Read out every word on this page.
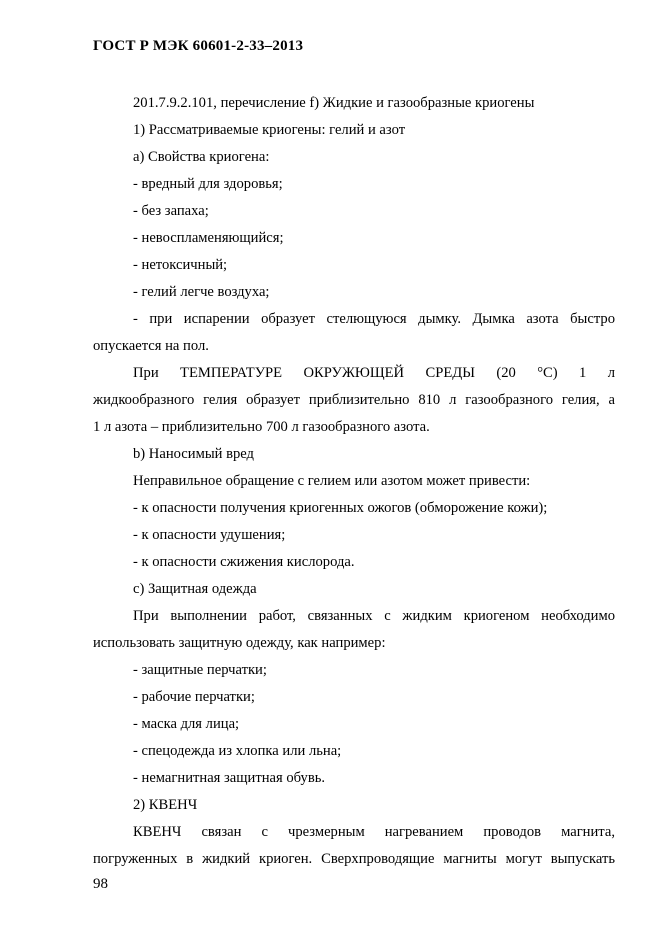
ГОСТ Р МЭК 60601-2-33–2013
201.7.9.2.101, перечисление f) Жидкие и газообразные криогены
1) Рассматриваемые криогены: гелий и азот
а) Свойства криогена:
- вредный для здоровья;
- без запаха;
- невоспламеняющийся;
- нетоксичный;
- гелий легче воздуха;
- при испарении образует стелющуюся дымку. Дымка азота быстро
опускается на пол.
При ТЕМПЕРАТУРЕ ОКРУЖЮЩЕЙ СРЕДЫ (20 °С) 1 л
жидкообразного гелия образует приблизительно 810 л газообразного гелия, а
1 л азота – приблизительно 700 л газообразного азота.
b) Наносимый вред
Неправильное обращение с гелием или азотом может привести:
- к опасности получения криогенных ожогов (обморожение кожи);
- к опасности удушения;
- к опасности сжижения кислорода.
с) Защитная одежда
При выполнении работ, связанных с жидким криогеном необходимо
использовать защитную одежду, как например:
- защитные перчатки;
- рабочие перчатки;
- маска для лица;
- спецодежда из хлопка или льна;
- немагнитная защитная обувь.
2) КВЕНЧ
КВЕНЧ связан с чрезмерным нагреванием проводов магнита,
погруженных в жидкий криоген. Сверхпроводящие магниты могут выпускать
98
